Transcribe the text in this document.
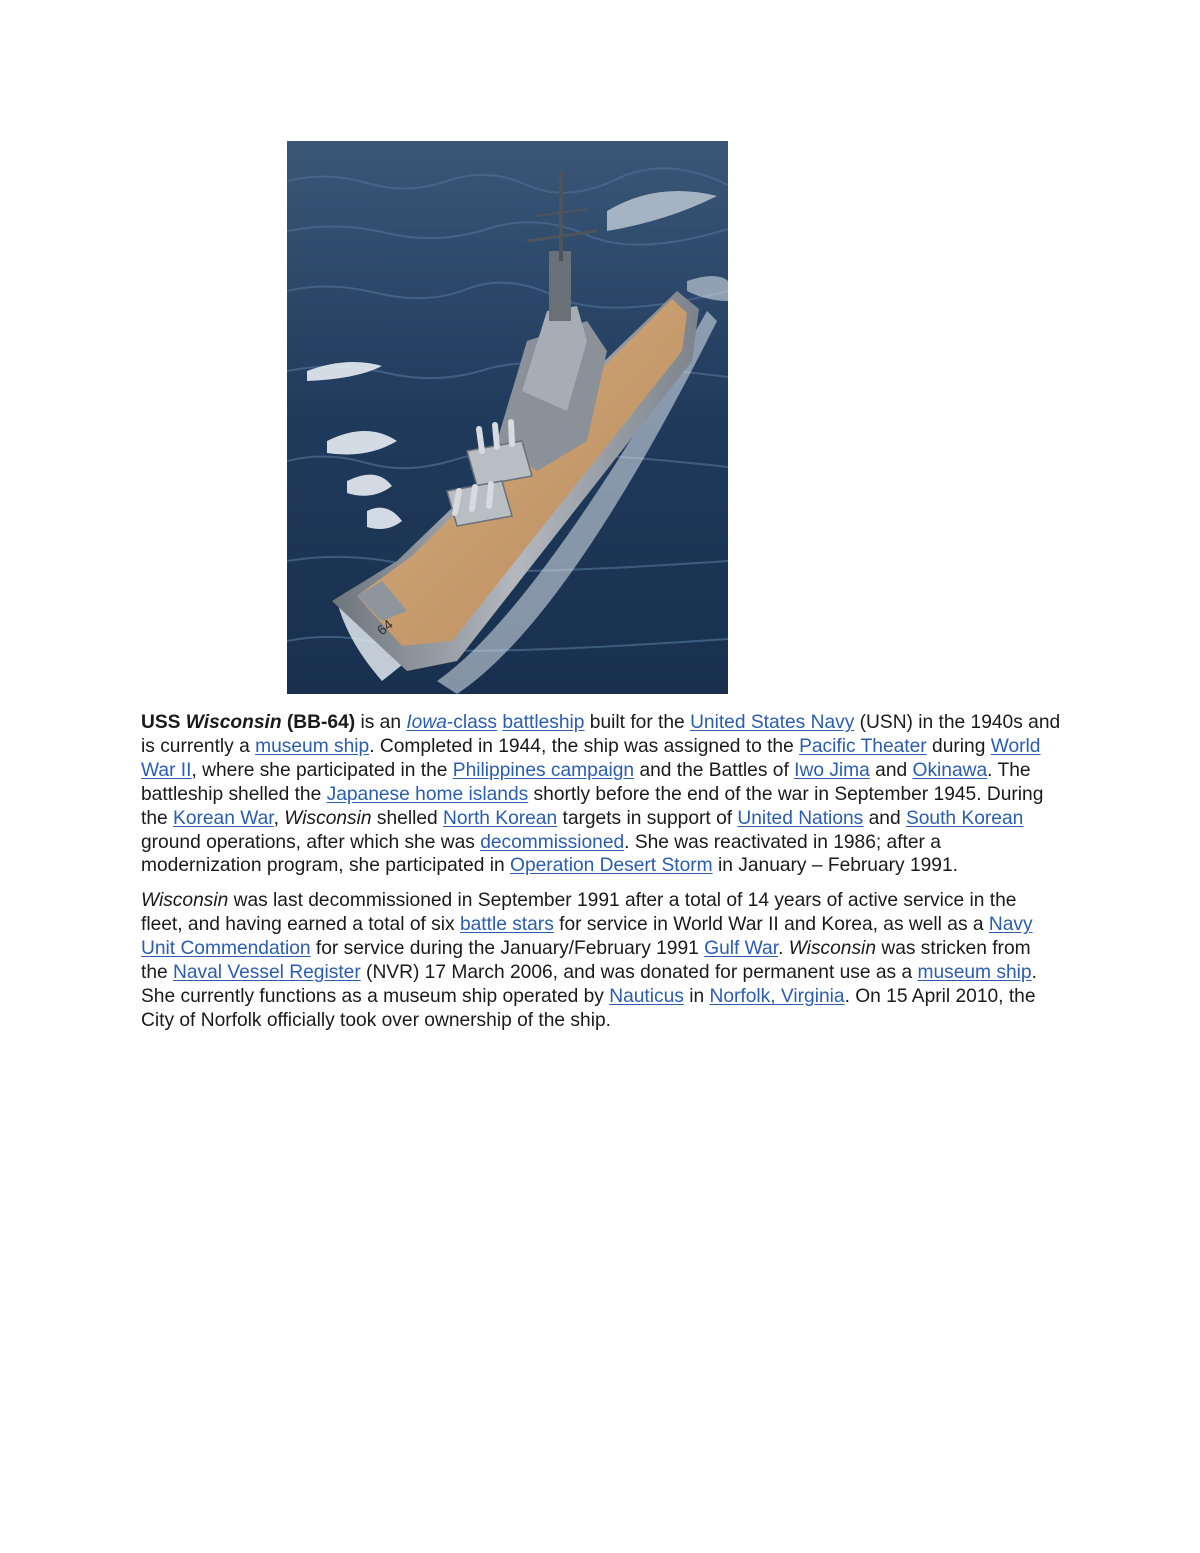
64

USS Wisconsin (BB-64) is an Iowa-class battleship built for the United States Navy (USN) in the 1940s and is currently a museum ship. Completed in 1944, the ship was assigned to the Pacific Theater during World War II, where she participated in the Philippines campaign and the Battles of Iwo Jima and Okinawa. The battleship shelled the Japanese home islands shortly before the end of the war in September 1945. During the Korean War, Wisconsin shelled North Korean targets in support of United Nations and South Korean ground operations, after which she was decommissioned. She was reactivated in 1986; after a modernization program, she participated in Operation Desert Storm in January – February 1991.

Wisconsin was last decommissioned in September 1991 after a total of 14 years of active service in the fleet, and having earned a total of six battle stars for service in World War II and Korea, as well as a Navy Unit Commendation for service during the January/February 1991 Gulf War. Wisconsin was stricken from the Naval Vessel Register (NVR) 17 March 2006, and was donated for permanent use as a museum ship. She currently functions as a museum ship operated by Nauticus in Norfolk, Virginia. On 15 April 2010, the City of Norfolk officially took over ownership of the ship.
